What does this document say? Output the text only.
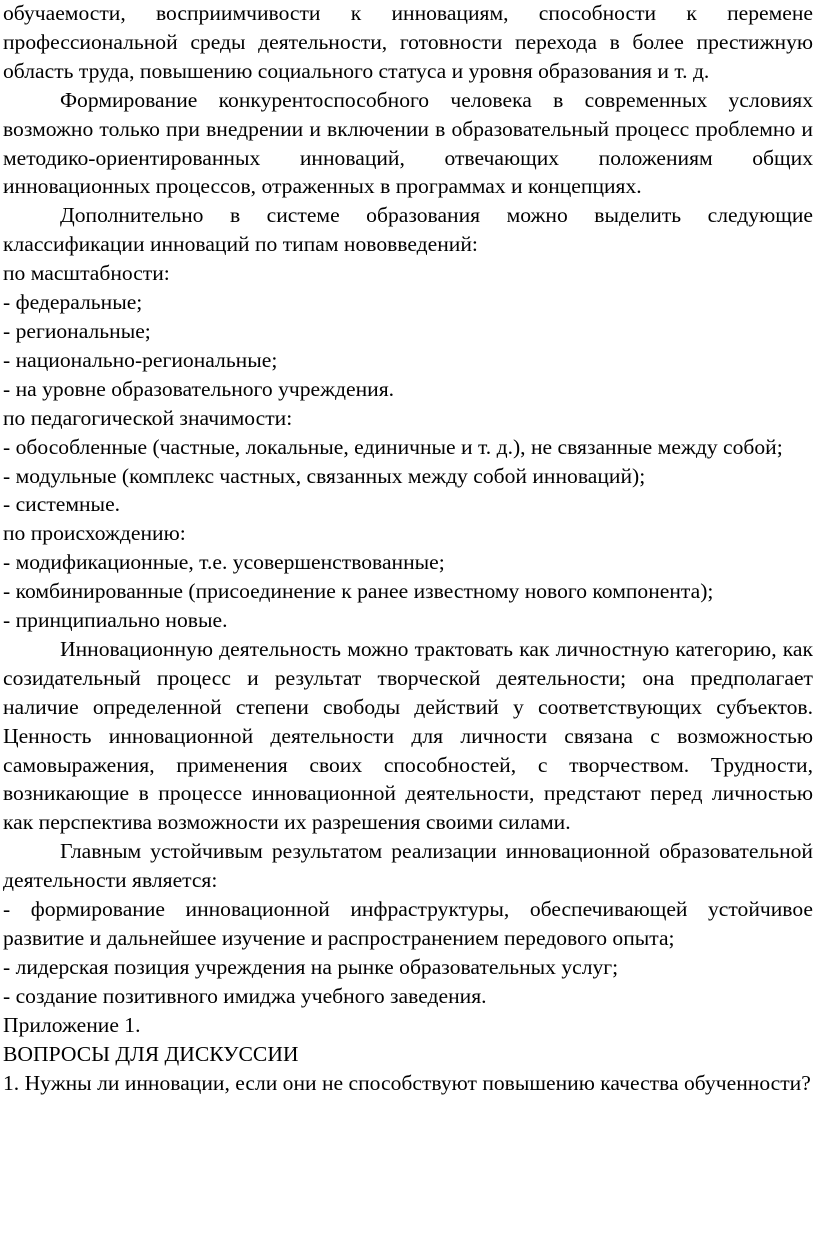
обучаемости, восприимчивости к инновациям, способности к перемене профессиональной среды деятельности, готовности перехода в более престижную область труда, повышению социального статуса и уровня образования и т. д.

Формирование конкурентоспособного человека в современных условиях возможно только при внедрении и включении в образовательный процесс проблемно и методико-ориентированных инноваций, отвечающих положениям общих инновационных процессов, отраженных в программах и концепциях.

Дополнительно в системе образования можно выделить следующие классификации инноваций по типам нововведений:

по масштабности:

- федеральные;

- региональные;

- национально-региональные;

- на уровне образовательного учреждения.

по педагогической значимости:

- обособленные (частные, локальные, единичные и т. д.), не связанные между собой;

- модульные (комплекс частных, связанных между собой инноваций);

- системные.

по происхождению:

- модификационные, т.е. усовершенствованные;

- комбинированные (присоединение к ранее известному нового компонента);

- принципиально новые.

Инновационную деятельность можно трактовать как личностную категорию, как созидательный процесс и результат творческой деятельности; она предполагает наличие определенной степени свободы действий у соответствующих субъектов. Ценность инновационной деятельности для личности связана с возможностью самовыражения, применения своих способностей, с творчеством. Трудности, возникающие в процессе инновационной деятельности, предстают перед личностью как перспектива возможности их разрешения своими силами.

Главным устойчивым результатом реализации инновационной образовательной деятельности является:

- формирование инновационной инфраструктуры, обеспечивающей устойчивое развитие и дальнейшее изучение и распространением передового опыта;

- лидерская позиция учреждения на рынке образовательных услуг;

- создание позитивного имиджа учебного заведения.

Приложение 1.

ВОПРОСЫ ДЛЯ ДИСКУССИИ

1. Нужны ли инновации, если они не способствуют повышению качества обученности?
